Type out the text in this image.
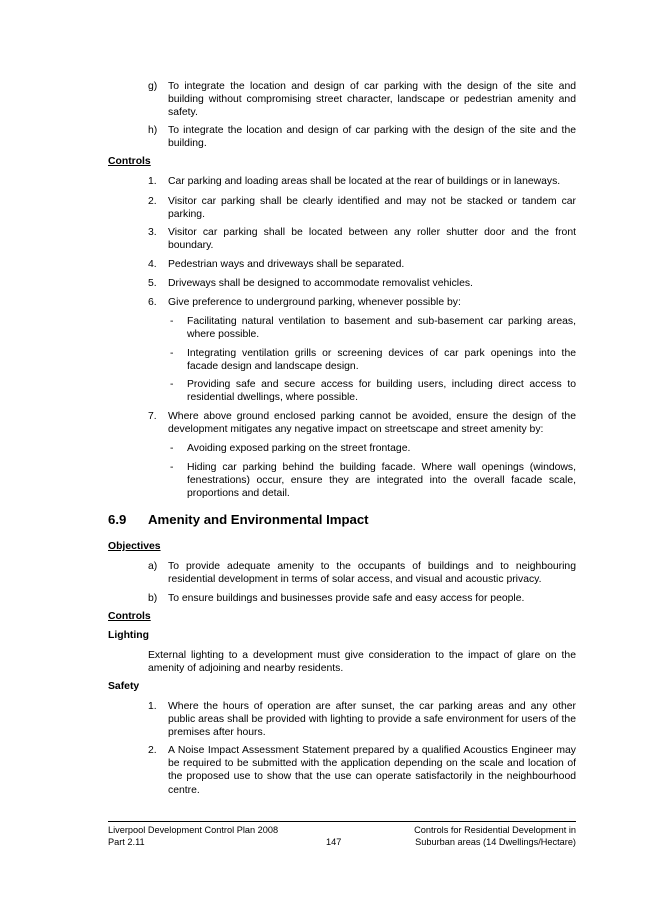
g) To integrate the location and design of car parking with the design of the site and building without compromising street character, landscape or pedestrian amenity and safety.
h) To integrate the location and design of car parking with the design of the site and the building.
Controls
1. Car parking and loading areas shall be located at the rear of buildings or in laneways.
2. Visitor car parking shall be clearly identified and may not be stacked or tandem car parking.
3. Visitor car parking shall be located between any roller shutter door and the front boundary.
4. Pedestrian ways and driveways shall be separated.
5. Driveways shall be designed to accommodate removalist vehicles.
6. Give preference to underground parking, whenever possible by:
- Facilitating natural ventilation to basement and sub-basement car parking areas, where possible.
- Integrating ventilation grills or screening devices of car park openings into the facade design and landscape design.
- Providing safe and secure access for building users, including direct access to residential dwellings, where possible.
7. Where above ground enclosed parking cannot be avoided, ensure the design of the development mitigates any negative impact on streetscape and street amenity by:
- Avoiding exposed parking on the street frontage.
- Hiding car parking behind the building facade. Where wall openings (windows, fenestrations) occur, ensure they are integrated into the overall facade scale, proportions and detail.
6.9 Amenity and Environmental Impact
Objectives
a) To provide adequate amenity to the occupants of buildings and to neighbouring residential development in terms of solar access, and visual and acoustic privacy.
b) To ensure buildings and businesses provide safe and easy access for people.
Controls
Lighting
External lighting to a development must give consideration to the impact of glare on the amenity of adjoining and nearby residents.
Safety
1. Where the hours of operation are after sunset, the car parking areas and any other public areas shall be provided with lighting to provide a safe environment for users of the premises after hours.
2. A Noise Impact Assessment Statement prepared by a qualified Acoustics Engineer may be required to be submitted with the application depending on the scale and location of the proposed use to show that the use can operate satisfactorily in the neighbourhood centre.
Liverpool Development Control Plan 2008
Part 2.11	147
Controls for Residential Development in
Suburban areas (14 Dwellings/Hectare)
